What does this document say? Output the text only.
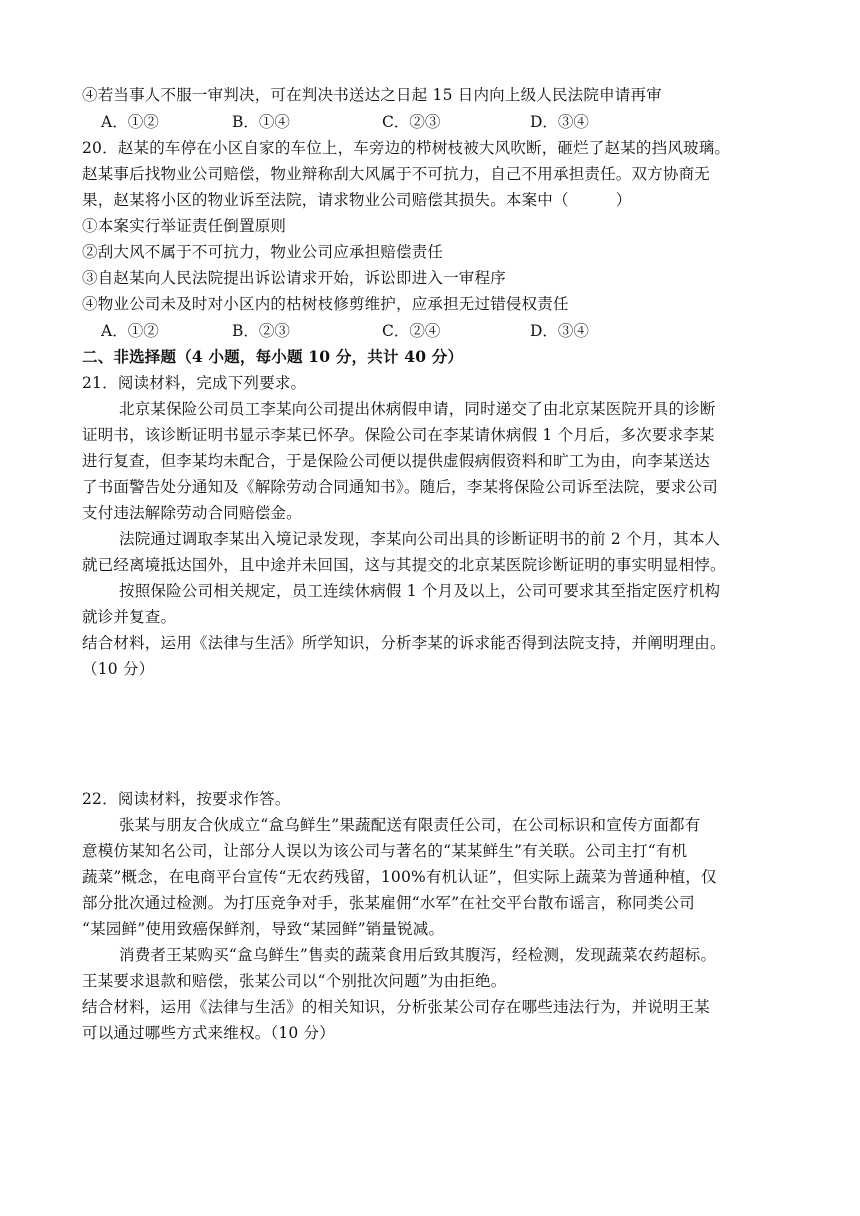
④若当事人不服一审判决，可在判决书送达之日起 15 日内向上级人民法院申请再审
A．①②	B．①④	C．②③	D．③④
20．赵某的车停在小区自家的车位上，车旁边的栉树枝被大风吹断，砸烂了赵某的挡风玻璃。
赵某事后找物业公司赔偿，物业辩称刮大风属于不可抗力，自己不用承担责任。双方协商无
果，赵某将小区的物业诉至法院，请求物业公司赔偿其损失。本案中（　　　）
①本案实行举证责任倒置原则
②刮大风不属于不可抗力，物业公司应承担赔偿责任
③自赵某向人民法院提出诉讼请求开始，诉讼即进入一审程序
④物业公司未及时对小区内的枯树枝修剪维护，应承担无过错侵权责任
A．①②	B．②③	C．②④	D．③④
二、非选择题（4 小题，每小题 10 分，共计 40 分）
21．阅读材料，完成下列要求。
北京某保险公司员工李某向公司提出休病假申请，同时递交了由北京某医院开具的诊断
证明书，该诊断证明书显示李某已怀孕。保险公司在李某请休病假 1 个月后，多次要求李某
进行复查，但李某均未配合，于是保险公司便以提供虚假病假资料和旷工为由，向李某送达
了书面警告处分通知及《解除劳动合同通知书》。随后，李某将保险公司诉至法院，要求公司
支付违法解除劳动合同赔偿金。
法院通过调取李某出入境记录发现，李某向公司出具的诊断证明书的前 2 个月，其本人
就已经离境抵达国外，且中途并未回国，这与其提交的北京某医院诊断证明的事实明显相悖。
按照保险公司相关规定，员工连续休病假 1 个月及以上，公司可要求其至指定医疗机构
就诊并复查。
结合材料，运用《法律与生活》所学知识，分析李某的诉求能否得到法院支持，并阐明理由。
（10 分）
22．阅读材料，按要求作答。
张某与朋友合伙成立“盒乌鲜生”果蔬配送有限责任公司，在公司标识和宣传方面都有
意模仿某知名公司，让部分人误以为该公司与著名的“某某鲜生”有关联。公司主打“有机
蔬菜”概念，在电商平台宣传“无农药残留，100%有机认证”，但实际上蔬菜为普通种植，仅
部分批次通过检测。为打压竞争对手，张某雇佣“水军”在社交平台散布谣言，称同类公司
“某园鲜”使用致癌保鲜剂，导致“某园鲜”销量锐减。
消费者王某购买“盒乌鲜生”售卖的蔬菜食用后致其腹泻，经检测，发现蔬菜农药超标。
王某要求退款和赔偿，张某公司以“个别批次问题”为由拒绝。
结合材料，运用《法律与生活》的相关知识，分析张某公司存在哪些违法行为，并说明王某
可以通过哪些方式来维权。（10 分）
